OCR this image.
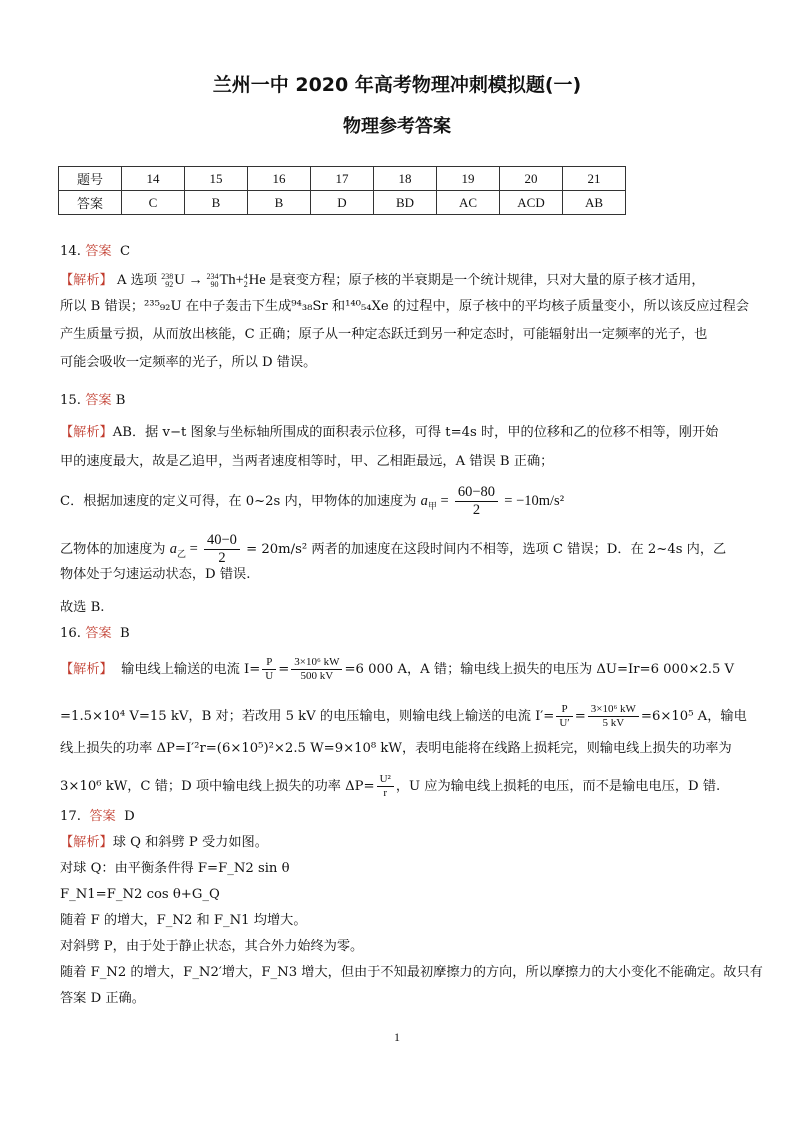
兰州一中 2020 年高考物理冲刺模拟题(一)
物理参考答案
题号	14	15	16	17	18	19	20	21
答案	C	B	B	D	BD	AC	ACD	AB
14. 答案 C
【解析】 A 选项 238
92U → 234
90Th+4
2He 是衰变方程；原子核的半衰期是一个统计规律，只对大量的原子核才适用，
所以 B 错误；²³⁵₉₂U 在中子轰击下生成⁹⁴₃₈Sr 和¹⁴⁰₅₄Xe 的过程中，原子核中的平均核子质量变小，所以该反应过程会
产生质量亏损，从而放出核能，C 正确；原子从一种定态跃迁到另一种定态时，可能辐射出一定频率的光子，也
可能会吸收一定频率的光子，所以 D 错误。
15. 答案 B
【解析】AB．据 v−t 图象与坐标轴所围成的面积表示位移，可得 t=4s 时，甲的位移和乙的位移不相等，刚开始
甲的速度最大，故是乙追甲，当两者速度相等时，甲、乙相距最远，A 错误 B 正确；
C．根据加速度的定义可得，在 0~2s 内，甲物体的加速度为 $a_甲 = \frac{60-80}{2} = -10m/s^2$
乙物体的加速度为 $a_乙 = \frac{40-0}{2} = 20m/s^2$ 两者的加速度在这段时间内不相等，选项 C 错误；D．在 2~4s 内，乙
物体处于匀速运动状态，D 错误.
故选 B.
16. 答案 B
【解析】 输电线上输送的电流 $I= \frac{P}{U} = \frac{\text{3×10⁶ kW}}{500 kV} =6$ 000 A，A 错；输电线上损失的电压为 ΔU=Ir=6 000×2.5 V
=1.5×10⁴ V=15 kV，B 对；若改用 5 kV 的电压输电，则输电线上输送的电流 $I'= \frac{P}{U'} = \frac{\text{3×10⁶ kW}}{5 kV} =6\times 10^5$ A，输电
线上损失的功率 ΔP=I′²r=(6×10⁵)²×2.5 W=9×10⁸ kW，表明电能将在线路上损耗完，则输电线上损失的功率为
3×10⁶ kW，C 错；D 项中输电线上损失的功率 $\Delta P= \frac{\text{U²}}{r}$ ，U 应为输电线上损耗的电压，而不是输电电压，D 错.
17. 答案 D
【解析】球 Q 和斜劈 P 受力如图。
对球 Q：由平衡条件得 F=F_N2 sin θ
F_N1=F_N2 cos θ+G_Q
随着 F 的增大，F_N2 和 F_N1 均增大。
对斜劈 P，由于处于静止状态，其合外力始终为零。
随着 F_N2 的增大，F_N2′增大，F_N3 增大，但由于不知最初摩擦力的方向，所以摩擦力的大小变化不能确定。故只有
答案 D 正确。
1
